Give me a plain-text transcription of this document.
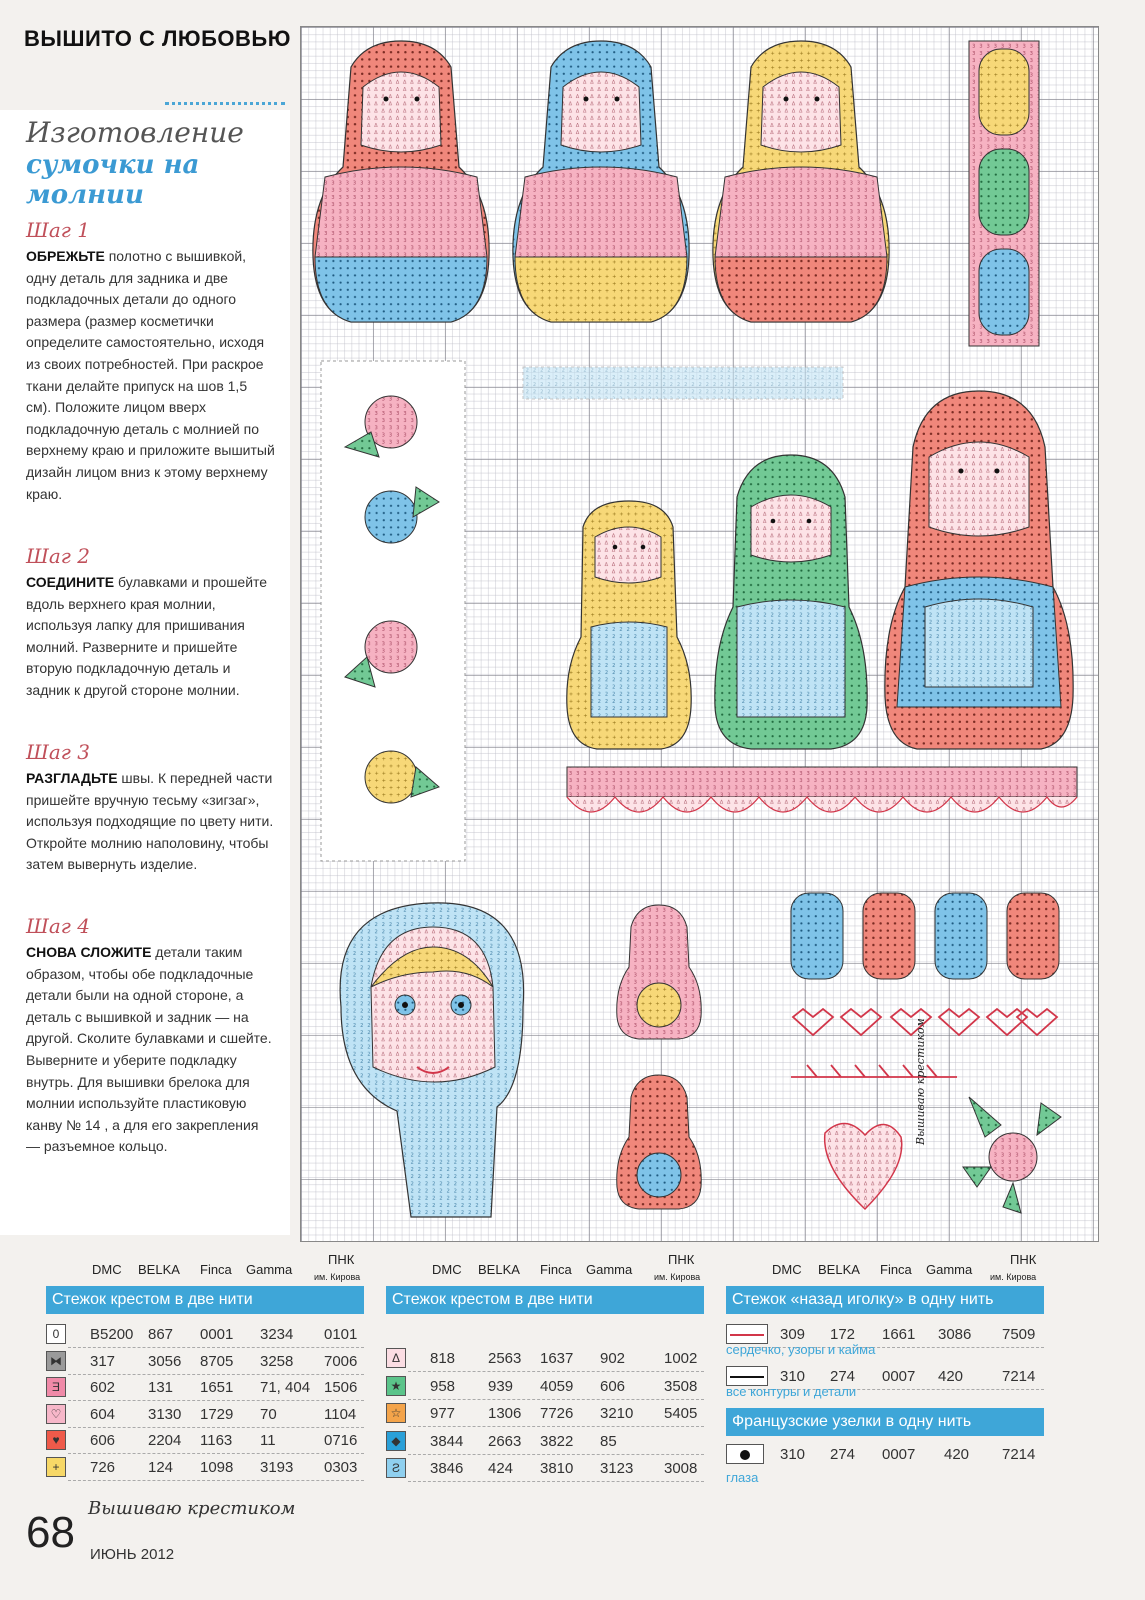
ВЫШИТО С ЛЮБОВЬЮ
Изготовление
сумочки на молнии
Шаг 1

ОБРЕЖЬТЕ полотно с вышивкой, одну деталь для задника и две подкладочных детали до одного размера (размер косметички определите самостоятельно, исходя из своих потребностей. При раскрое ткани делайте припуск на шов 1,5 см). Положите лицом вверх подкладочную деталь с молнией по верхнему краю и приложите вышитый дизайн лицом вниз к этому верхнему краю.

Шаг 2

СОЕДИНИТЕ булавками и прошейте вдоль верхнего края молнии, используя лапку для пришивания молний. Разверните и пришейте вторую подкладочную деталь и задник к другой стороне молнии.

Шаг 3

РАЗГЛАДЬТЕ швы. К передней части пришейте вручную тесьму «зигзаг», используя подходящие по цвету нити. Откройте молнию наполовину, чтобы затем вывернуть изделие.

Шаг 4

СНОВА СЛОЖИТЕ детали таким образом, чтобы обе подкладочные детали были на одной стороне, а деталь с вышивкой и задник — на другой. Сколите булавками и сшейте. Выверните и уберите подкладку внутрь. Для вышивки брелока для молнии используйте пластиковую канву № 14 , а для его закрепления — разъемное кольцо.

Вышиваю крестиком
DMC BELKA Finca Gamma
ПНК
им. Кирова
Стежок крестом в две нити
0	B5200 867 0001 3234 0101
⧓ 317 3056 8705 3258 7006
Ǝ	602 131 1651 71, 404 1506
♡	604 3130 1729 70	1104
♥	606 2204 1163 11	0716
+	726 124 1098 3193 0303
DMC BELKA Finca Gamma
ПНК
им. Кирова
Стежок крестом в две нити
Δ	818 2563 1637 902	1002
★	958 939 4059 606	3508
☆	977 1306 7726 3210 5405
◆	3844 2663 3822 85
Ƨ	3846 424 3810 3123 3008
DMC BELKA Finca Gamma
ПНК
им. Кирова
Стежок «назад иголку» в одну нить
309 172 1661 3086 7509
сердечко, узоры и кайма
310 274 0007 420	7214
все контуры и детали
Французские узелки в одну нить
310 274 0007 420 7214
глаза
68 Вышиваю крестиком
ИЮНЬ 2012
